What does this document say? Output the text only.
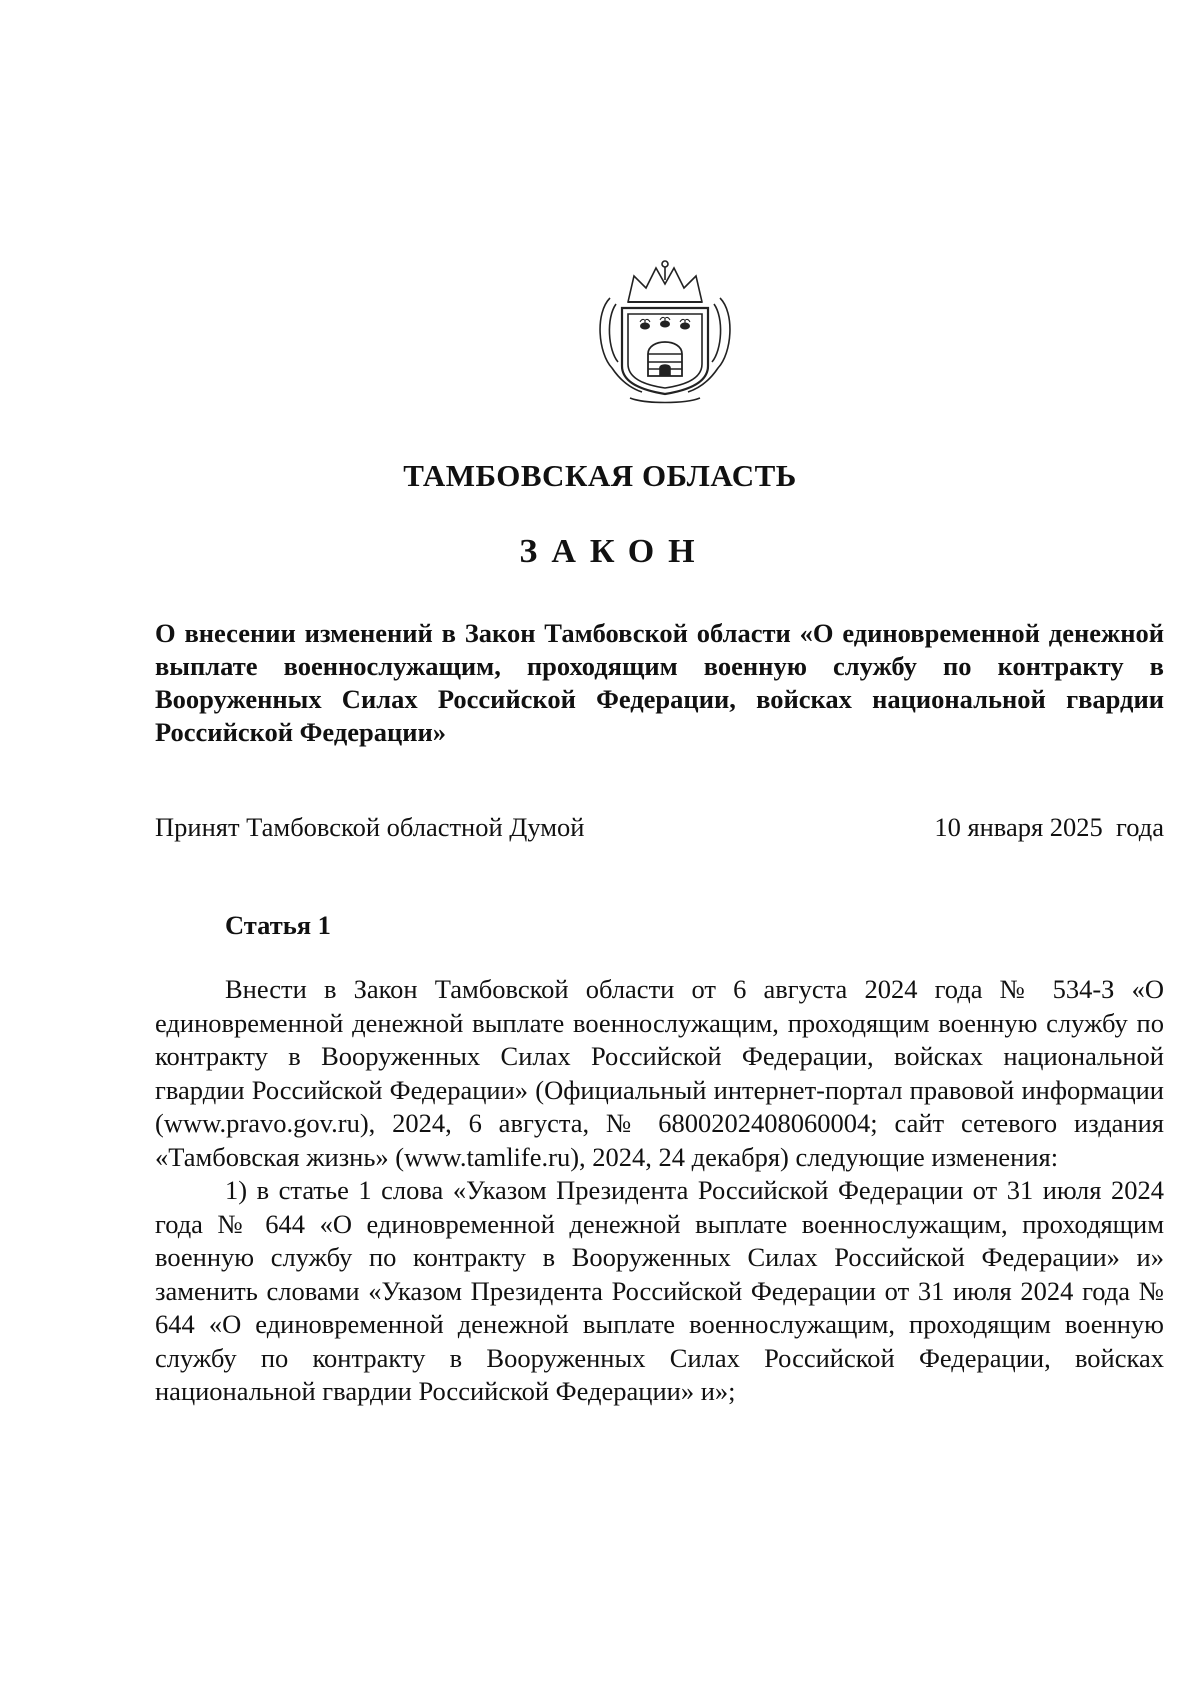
ТАМБОВСКАЯ ОБЛАСТЬ
ЗАКОН

О внесении изменений в Закон Тамбовской области «О единовременной денежной выплате военнослужащим, проходящим военную службу по контракту в Вооруженных Силах Российской Федерации, войсках национальной гвардии Российской Федерации»

Принят Тамбовской областной Думой	10 января 2025  года
Статья 1

Внести в Закон Тамбовской области от 6 августа 2024 года № 534-З «О единовременной денежной выплате военнослужащим, проходящим военную службу по контракту в Вооруженных Силах Российской Федерации, войсках национальной гвардии Российской Федерации» (Официальный интернет-портал правовой информации (www.pravo.gov.ru), 2024, 6 августа, № 6800202408060004; сайт сетевого издания «Тамбовская жизнь» (www.tamlife.ru), 2024, 24 декабря) следующие изменения:

1) в статье 1 слова «Указом Президента Российской Федерации от 31 июля 2024 года № 644 «О единовременной денежной выплате военнослужащим, проходящим военную службу по контракту в Вооруженных Силах Российской Федерации» и» заменить словами «Указом Президента Российской Федерации от 31 июля 2024 года № 644 «О единовременной денежной выплате военнослужащим, проходящим военную службу по контракту в Вооруженных Силах Российской Федерации, войсках национальной гвардии Российской Федерации» и»;
